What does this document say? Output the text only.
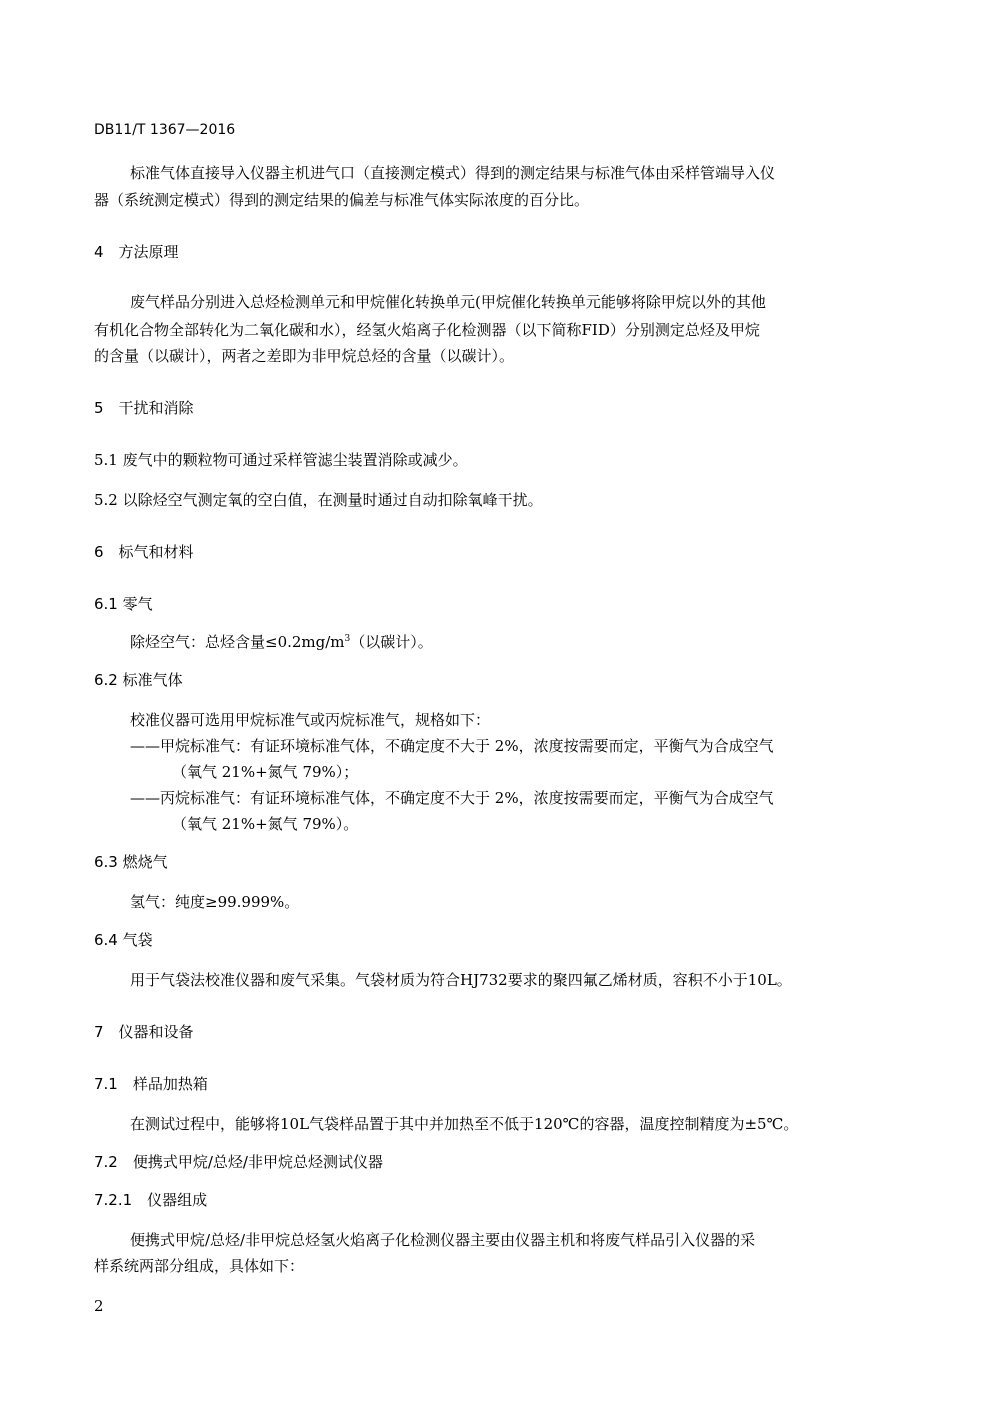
DB11/T 1367—2016
标准气体直接导入仪器主机进气口（直接测定模式）得到的测定结果与标准气体由采样管端导入仪
器（系统测定模式）得到的测定结果的偏差与标准气体实际浓度的百分比。
4　方法原理
废气样品分别进入总烃检测单元和甲烷催化转换单元(甲烷催化转换单元能够将除甲烷以外的其他
有机化合物全部转化为二氧化碳和水），经氢火焰离子化检测器（以下简称FID）分别测定总烃及甲烷
的含量（以碳计），两者之差即为非甲烷总烃的含量（以碳计）。
5　干扰和消除
5.1 废气中的颗粒物可通过采样管滤尘装置消除或减少。
5.2 以除烃空气测定氧的空白值，在测量时通过自动扣除氧峰干扰。
6　标气和材料
6.1 零气
除烃空气：总烃含量$\le 0.2mg/m^3$（以碳计）。
6.2 标准气体
校准仪器可选用甲烷标准气或丙烷标准气，规格如下：
——甲烷标准气：有证环境标准气体，不确定度不大于 2%，浓度按需要而定，平衡气为合成空气
（氧气 21%+氮气 79%）；
——丙烷标准气：有证环境标准气体，不确定度不大于 2%，浓度按需要而定，平衡气为合成空气
（氧气 21%+氮气 79%）。
6.3 燃烧气
氢气：纯度≥99.999%。
6.4 气袋
用于气袋法校准仪器和废气采集。气袋材质为符合HJ732要求的聚四氟乙烯材质，容积不小于10L。
7　仪器和设备
7.1　样品加热箱
在测试过程中，能够将10L气袋样品置于其中并加热至不低于120℃的容器，温度控制精度为±5℃。
7.2　便携式甲烷/总烃/非甲烷总烃测试仪器
7.2.1　仪器组成
便携式甲烷/总烃/非甲烷总烃氢火焰离子化检测仪器主要由仪器主机和将废气样品引入仪器的采
样系统两部分组成，具体如下：
2
